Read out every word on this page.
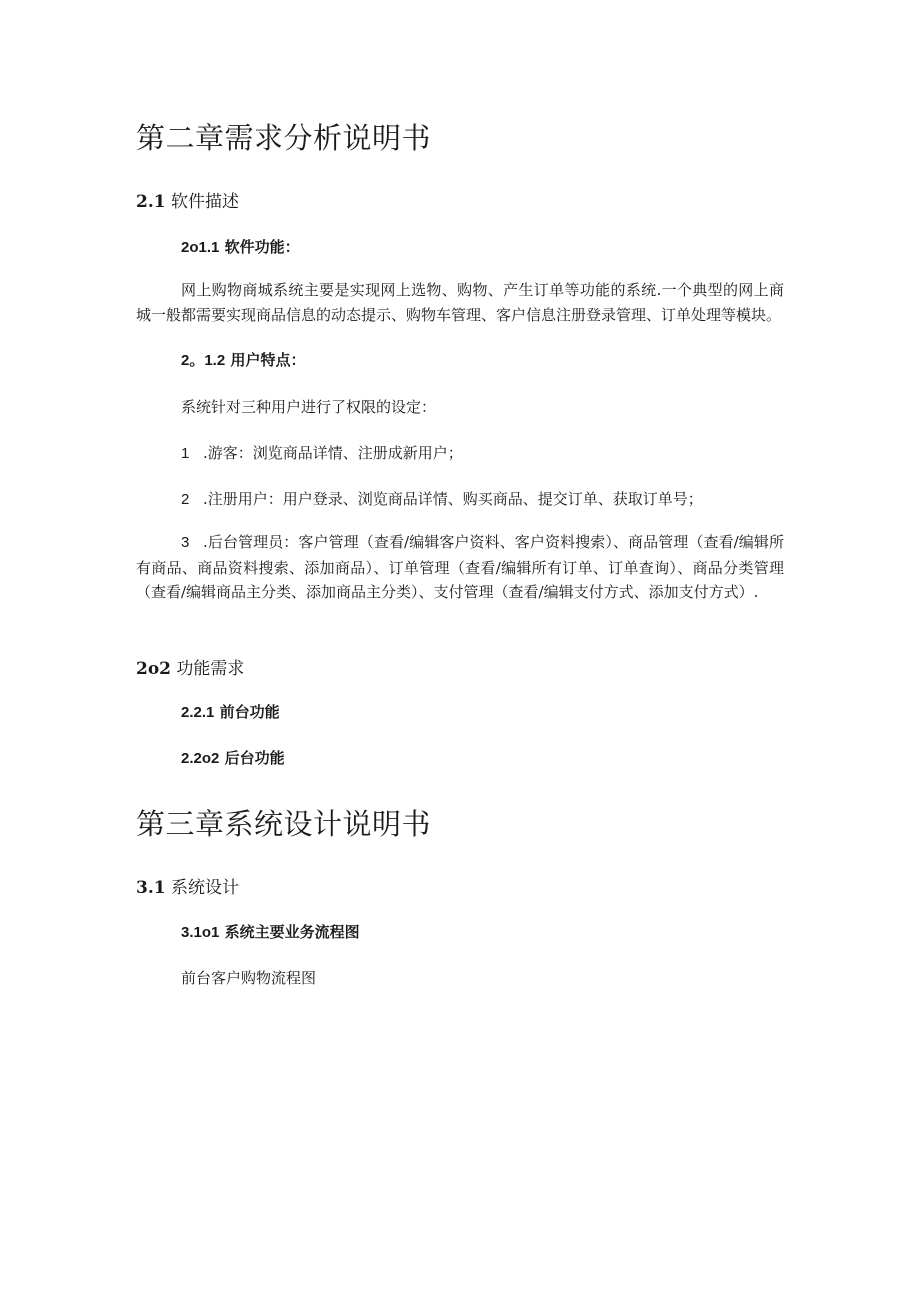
第二章需求分析说明书
2.1 软件描述
2o1.1 软件功能：

网上购物商城系统主要是实现网上选物、购物、产生订单等功能的系统.一个典型的网上商城一般都需要实现商品信息的动态提示、购物车管理、客户信息注册登录管理、订单处理等模块。

2。1.2 用户特点：

系统针对三种用户进行了权限的设定：

1 .游客：浏览商品详情、注册成新用户；

2 .注册用户：用户登录、浏览商品详情、购买商品、提交订单、获取订单号；

3 .后台管理员：客户管理（查看/编辑客户资料、客户资料搜索）、商品管理（查看/编辑所有商品、商品资料搜索、添加商品）、订单管理（查看/编辑所有订单、订单查询）、商品分类管理（查看/编辑商品主分类、添加商品主分类）、支付管理（查看/编辑支付方式、添加支付方式）.

2o2 功能需求
2.2.1 前台功能
2.2o2 后台功能
第三章系统设计说明书
3.1 系统设计
3.1o1 系统主要业务流程图

前台客户购物流程图
